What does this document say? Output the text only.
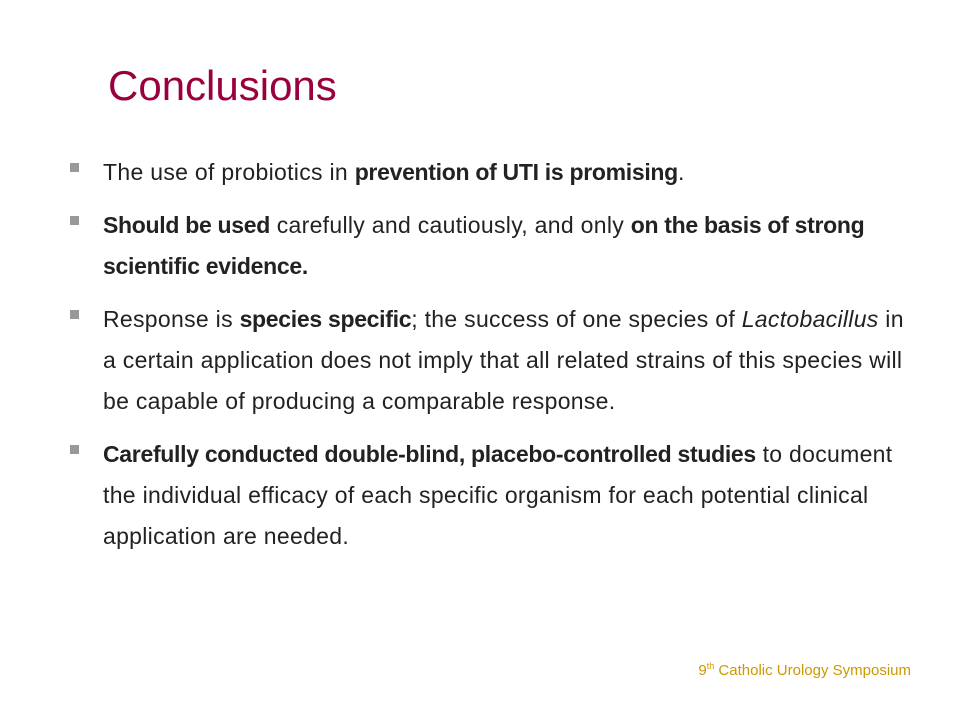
Conclusions
The use of probiotics in prevention of UTI is promising.
Should be used carefully and cautiously, and only on the basis of strong scientific evidence.
Response is species specific; the success of one species of Lactobacillus in a certain application does not imply that all related strains of this species will be capable of producing a comparable response.
Carefully conducted double-blind, placebo-controlled studies to document the individual efficacy of each specific organism for each potential clinical application are needed.
9th Catholic Urology Symposium
